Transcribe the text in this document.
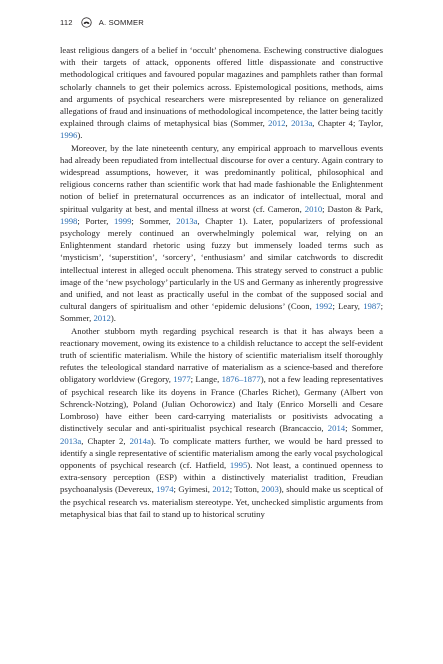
112	A. SOMMER

least religious dangers of a belief in ‘occult’ phenomena. Eschewing constructive dialogues with their targets of attack, opponents offered little dispassionate and constructive methodological critiques and favoured popular magazines and pamphlets rather than formal scholarly channels to get their polemics across. Epistemological positions, methods, aims and arguments of psychical researchers were misrepresented by reliance on generalized allegations of fraud and insinuations of methodological incompetence, the latter being tacitly explained through claims of metaphysical bias (Sommer, 2012, 2013a, Chapter 4; Taylor, 1996).

Moreover, by the late nineteenth century, any empirical approach to marvellous events had already been repudiated from intellectual discourse for over a century. Again contrary to widespread assumptions, however, it was predominantly political, philosophical and religious concerns rather than scientific work that had made fashionable the Enlightenment notion of belief in preternatural occurrences as an indicator of intellectual, moral and spiritual vulgarity at best, and mental illness at worst (cf. Cameron, 2010; Daston & Park, 1998; Porter, 1999; Sommer, 2013a, Chapter 1). Later, popularizers of professional psychology merely continued an overwhelmingly polemical war, relying on an Enlightenment standard rhetoric using fuzzy but immensely loaded terms such as ‘mysticism’, ‘superstition’, ‘sorcery’, ‘enthusiasm’ and similar catchwords to discredit intellectual interest in alleged occult phenomena. This strategy served to construct a public image of the ‘new psychology’ particularly in the US and Germany as inherently progressive and unified, and not least as practically useful in the combat of the supposed social and cultural dangers of spiritualism and other ‘epidemic delusions’ (Coon, 1992; Leary, 1987; Sommer, 2012).

Another stubborn myth regarding psychical research is that it has always been a reactionary movement, owing its existence to a childish reluctance to accept the self-evident truth of scientific materialism. While the history of scientific materialism itself thoroughly refutes the teleological standard narrative of materialism as a science-based and therefore obligatory worldview (Gregory, 1977; Lange, 1876–1877), not a few leading representatives of psychical research like its doyens in France (Charles Richet), Germany (Albert von Schrenck-Notzing), Poland (Julian Ochorowicz) and Italy (Enrico Morselli and Cesare Lombroso) have either been card-carrying materialists or positivists advocating a distinctively secular and anti-spiritualist psychical research (Brancaccio, 2014; Sommer, 2013a, Chapter 2, 2014a). To complicate matters further, we would be hard pressed to identify a single representative of scientific materialism among the early vocal psychological opponents of psychical research (cf. Hatfield, 1995). Not least, a continued openness to extra-sensory perception (ESP) within a distinctively materialist tradition, Freudian psychoanalysis (Devereux, 1974; Gyimesi, 2012; Totton, 2003), should make us sceptical of the psychical research vs. materialism stereotype. Yet, unchecked simplistic arguments from metaphysical bias that fail to stand up to historical scrutiny
